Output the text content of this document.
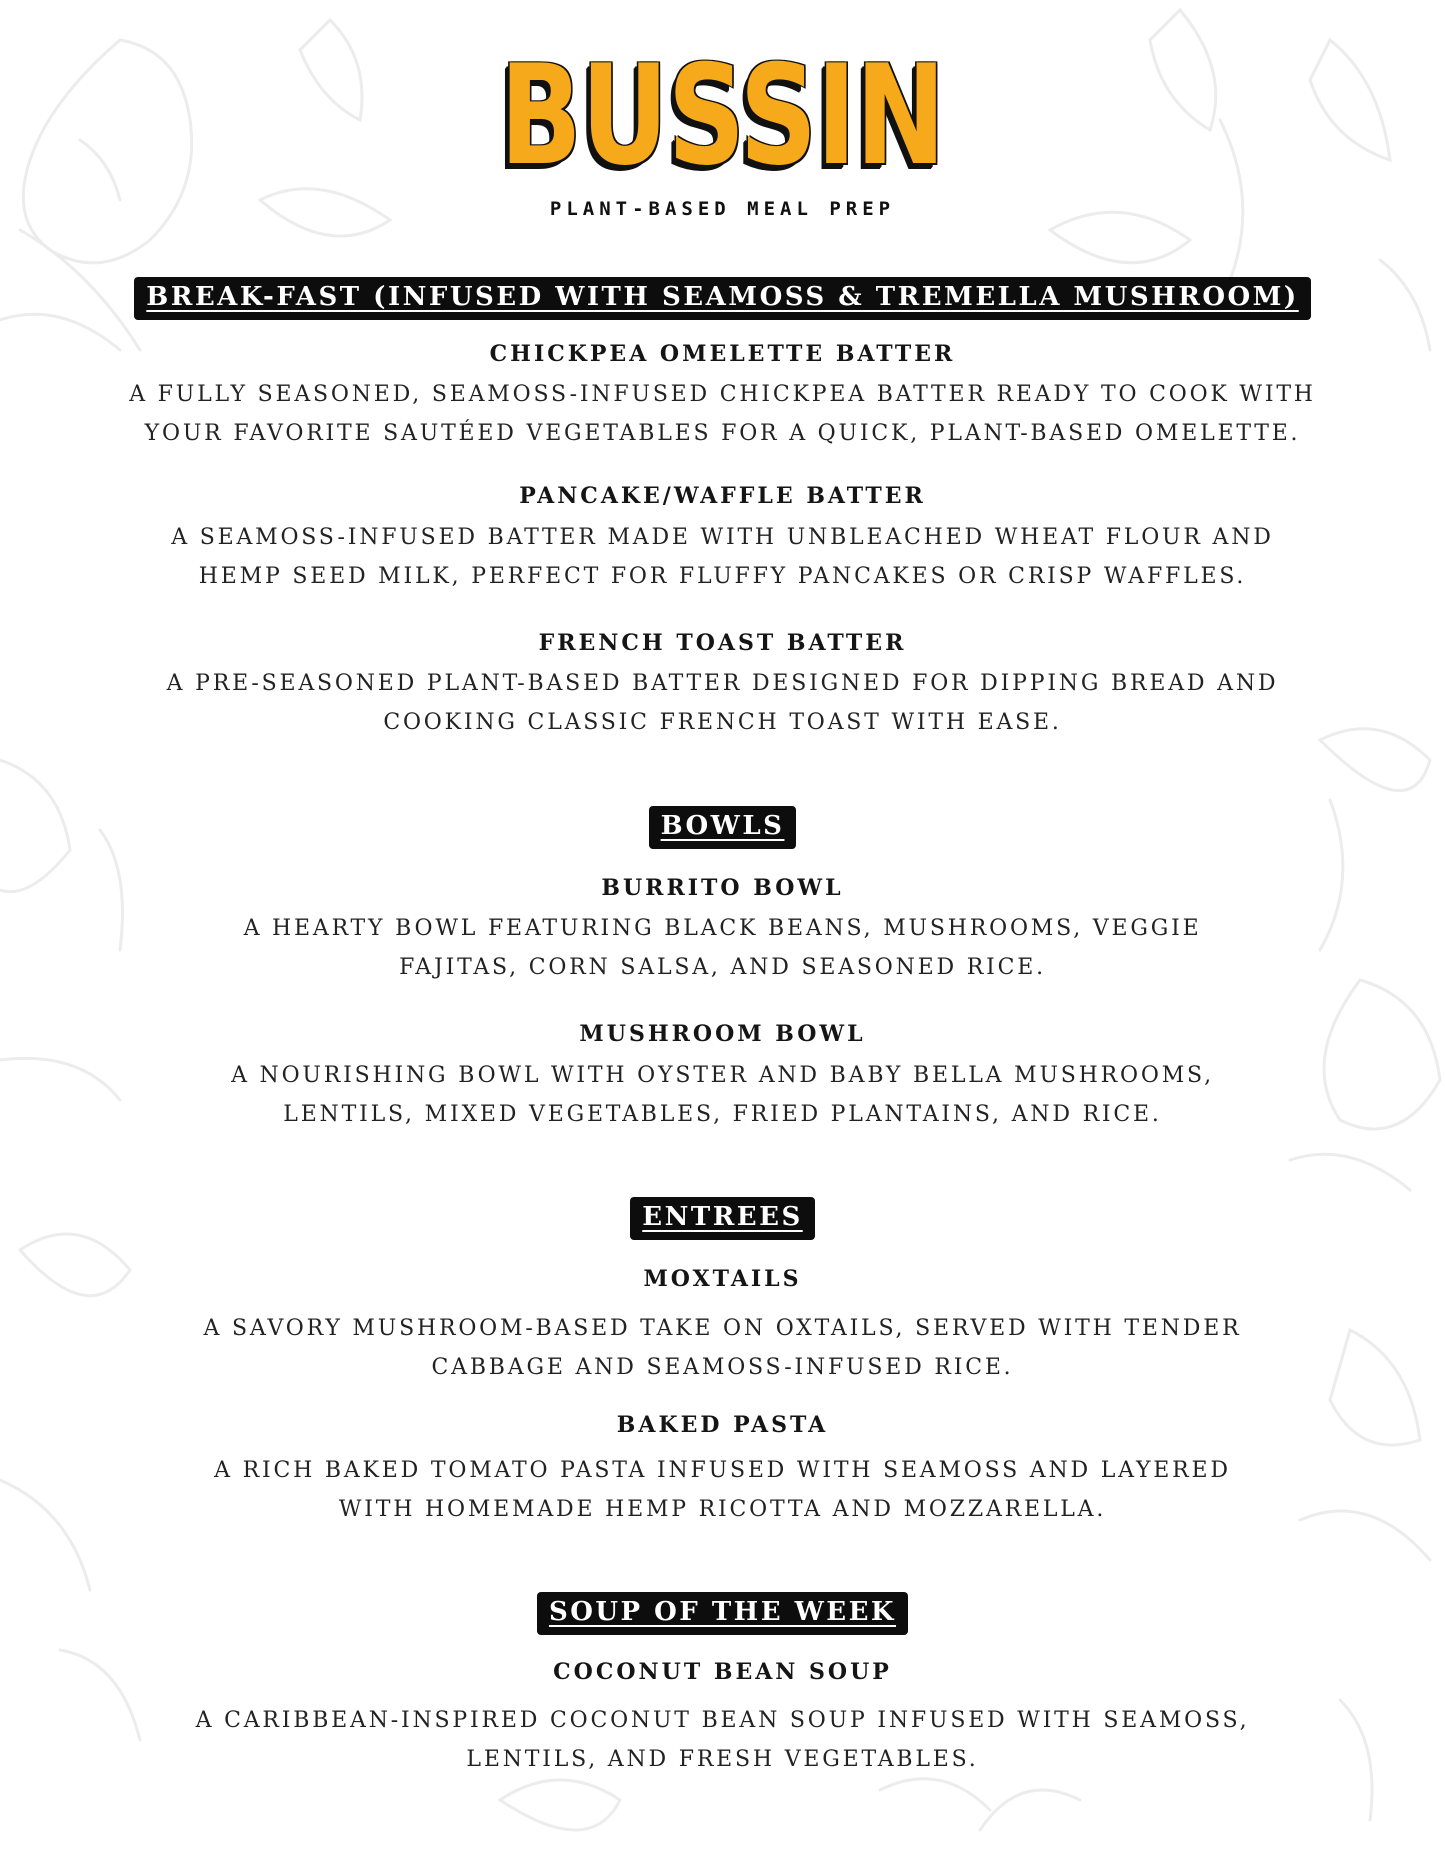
BUSSIN
PLANT-BASED MEAL PREP
BREAK-FAST (INFUSED WITH SEAMOSS & TREMELLA MUSHROOM)
CHICKPEA OMELETTE BATTER
A FULLY SEASONED, SEAMOSS-INFUSED CHICKPEA BATTER READY TO COOK WITH
YOUR FAVORITE SAUTÉED VEGETABLES FOR A QUICK, PLANT-BASED OMELETTE.
PANCAKE/WAFFLE BATTER
A SEAMOSS-INFUSED BATTER MADE WITH UNBLEACHED WHEAT FLOUR AND
HEMP SEED MILK, PERFECT FOR FLUFFY PANCAKES OR CRISP WAFFLES.
FRENCH TOAST BATTER
A PRE-SEASONED PLANT-BASED BATTER DESIGNED FOR DIPPING BREAD AND
COOKING CLASSIC FRENCH TOAST WITH EASE.
BOWLS
BURRITO BOWL
A HEARTY BOWL FEATURING BLACK BEANS, MUSHROOMS, VEGGIE
FAJITAS, CORN SALSA, AND SEASONED RICE.
MUSHROOM BOWL
A NOURISHING BOWL WITH OYSTER AND BABY BELLA MUSHROOMS,
LENTILS, MIXED VEGETABLES, FRIED PLANTAINS, AND RICE.
ENTREES
MOXTAILS
A SAVORY MUSHROOM-BASED TAKE ON OXTAILS, SERVED WITH TENDER
CABBAGE AND SEAMOSS-INFUSED RICE.
BAKED PASTA
A RICH BAKED TOMATO PASTA INFUSED WITH SEAMOSS AND LAYERED
WITH HOMEMADE HEMP RICOTTA AND MOZZARELLA.
SOUP OF THE WEEK
COCONUT BEAN SOUP
A CARIBBEAN-INSPIRED COCONUT BEAN SOUP INFUSED WITH SEAMOSS,
LENTILS, AND FRESH VEGETABLES.
